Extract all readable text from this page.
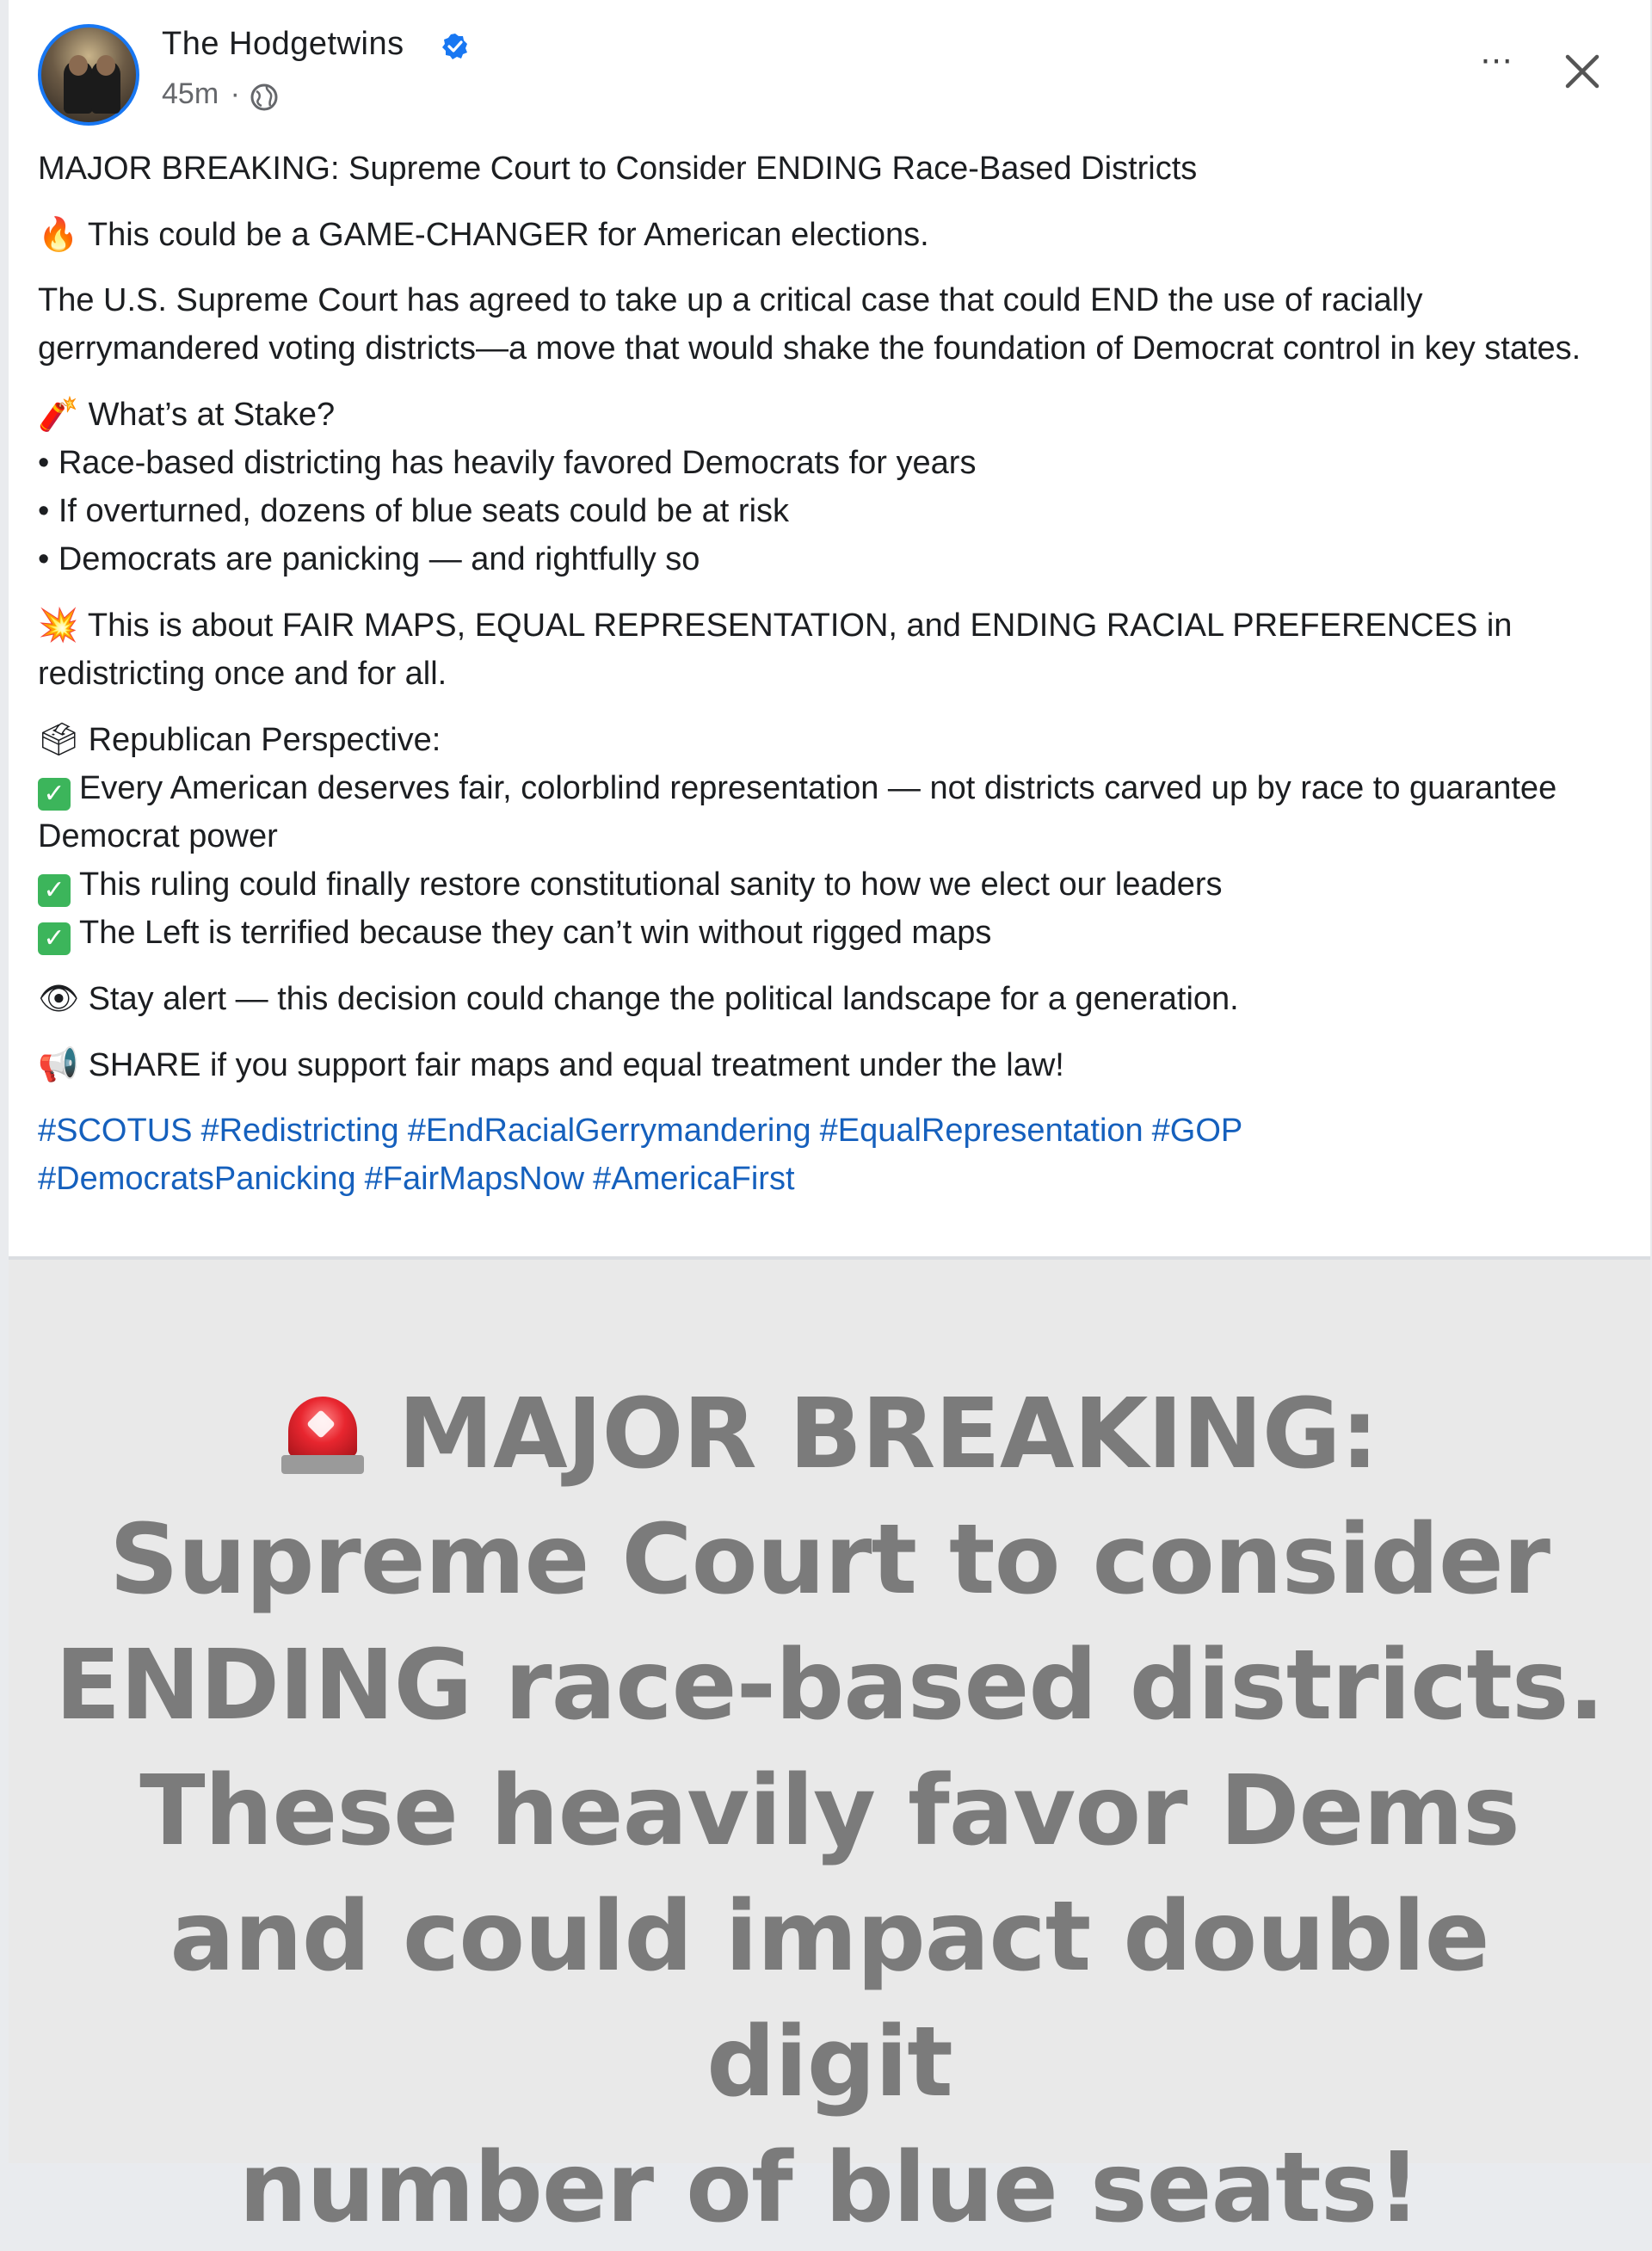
The Hodgetwins
45m ·
⋯

MAJOR BREAKING: Supreme Court to Consider ENDING Race-Based Districts

🔥 This could be a GAME-CHANGER for American elections.

The U.S. Supreme Court has agreed to take up a critical case that could END the use of racially gerrymandered voting districts—a move that would shake the foundation of Democrat control in key states.

🧨 What’s at Stake?
• Race-based districting has heavily favored Democrats for years
• If overturned, dozens of blue seats could be at risk
• Democrats are panicking — and rightfully so

💥 This is about FAIR MAPS, EQUAL REPRESENTATION, and ENDING RACIAL PREFERENCES in redistricting once and for all.

🗳 Republican Perspective:
✓ Every American deserves fair, colorblind representation — not districts carved up by race to guarantee Democrat power
✓ This ruling could finally restore constitutional sanity to how we elect our leaders
✓ The Left is terrified because they can’t win without rigged maps

👁 Stay alert — this decision could change the political landscape for a generation.

📢 SHARE if you support fair maps and equal treatment under the law!

#SCOTUS #Redistricting #EndRacialGerrymandering #EqualRepresentation #GOP
#DemocratsPanicking #FairMapsNow #AmericaFirst

MAJOR BREAKING:
Supreme Court to consider
ENDING race-based districts.
These heavily favor Dems
and could impact double digit
number of blue seats!
